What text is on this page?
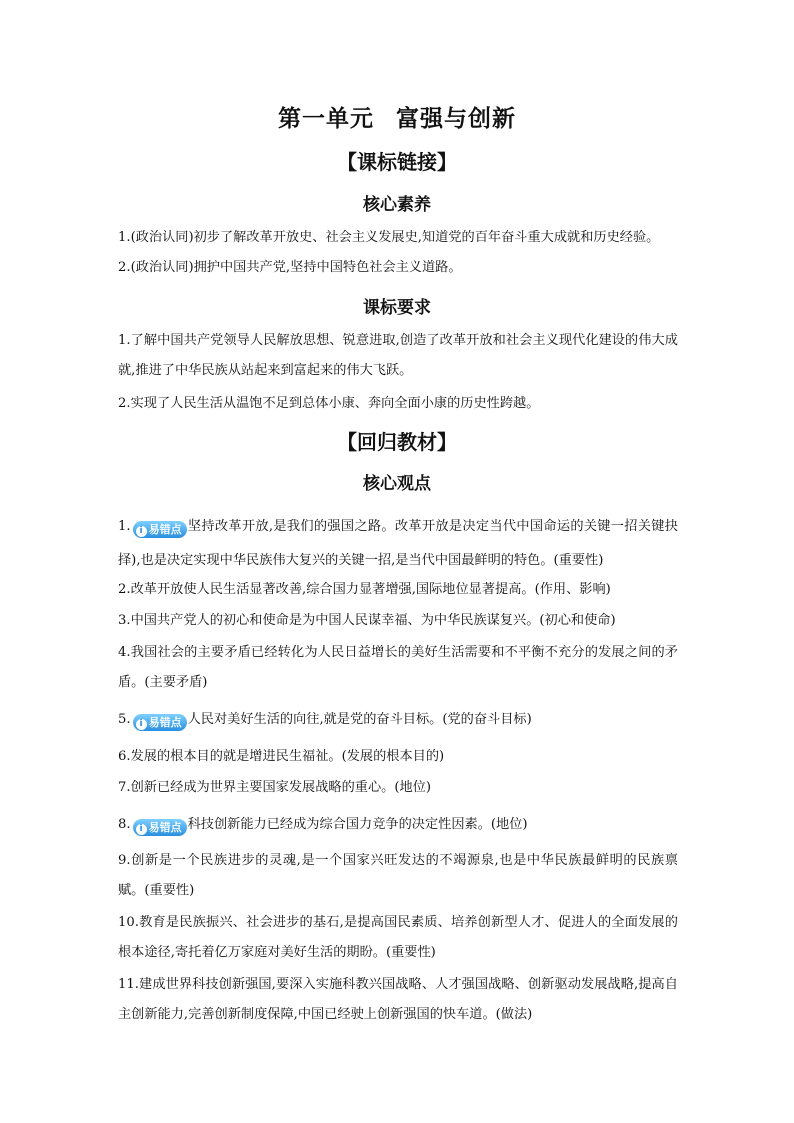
第一单元 富强与创新
【课标链接】
核心素养
1.(政治认同)初步了解改革开放史、社会主义发展史,知道党的百年奋斗重大成就和历史经验。
2.(政治认同)拥护中国共产党,坚持中国特色社会主义道路。
课标要求
1.了解中国共产党领导人民解放思想、锐意进取,创造了改革开放和社会主义现代化建设的伟大成就,推进了中华民族从站起来到富起来的伟大飞跃。
2.实现了人民生活从温饱不足到总体小康、奔向全面小康的历史性跨越。
【回归教材】
核心观点
1. i 易错点 坚持改革开放,是我们的强国之路。改革开放是决定当代中国命运的关键一招关键抉择),也是决定实现中华民族伟大复兴的关键一招,是当代中国最鲜明的特色。(重要性)
2.改革开放使人民生活显著改善,综合国力显著增强,国际地位显著提高。(作用、影响)
3.中国共产党人的初心和使命是为中国人民谋幸福、为中华民族谋复兴。(初心和使命)
4.我国社会的主要矛盾已经转化为人民日益增长的美好生活需要和不平衡不充分的发展之间的矛盾。(主要矛盾)
5. i 易错点 人民对美好生活的向往,就是党的奋斗目标。(党的奋斗目标)
6.发展的根本目的就是增进民生福祉。(发展的根本目的)
7.创新已经成为世界主要国家发展战略的重心。(地位)
8. i 易错点 科技创新能力已经成为综合国力竞争的决定性因素。(地位)
9.创新是一个民族进步的灵魂,是一个国家兴旺发达的不竭源泉,也是中华民族最鲜明的民族禀赋。(重要性)
10.教育是民族振兴、社会进步的基石,是提高国民素质、培养创新型人才、促进人的全面发展的根本途径,寄托着亿万家庭对美好生活的期盼。(重要性)
11.建成世界科技创新强国,要深入实施科教兴国战略、人才强国战略、创新驱动发展战略,提高自主创新能力,完善创新制度保障,中国已经驶上创新强国的快车道。(做法)
